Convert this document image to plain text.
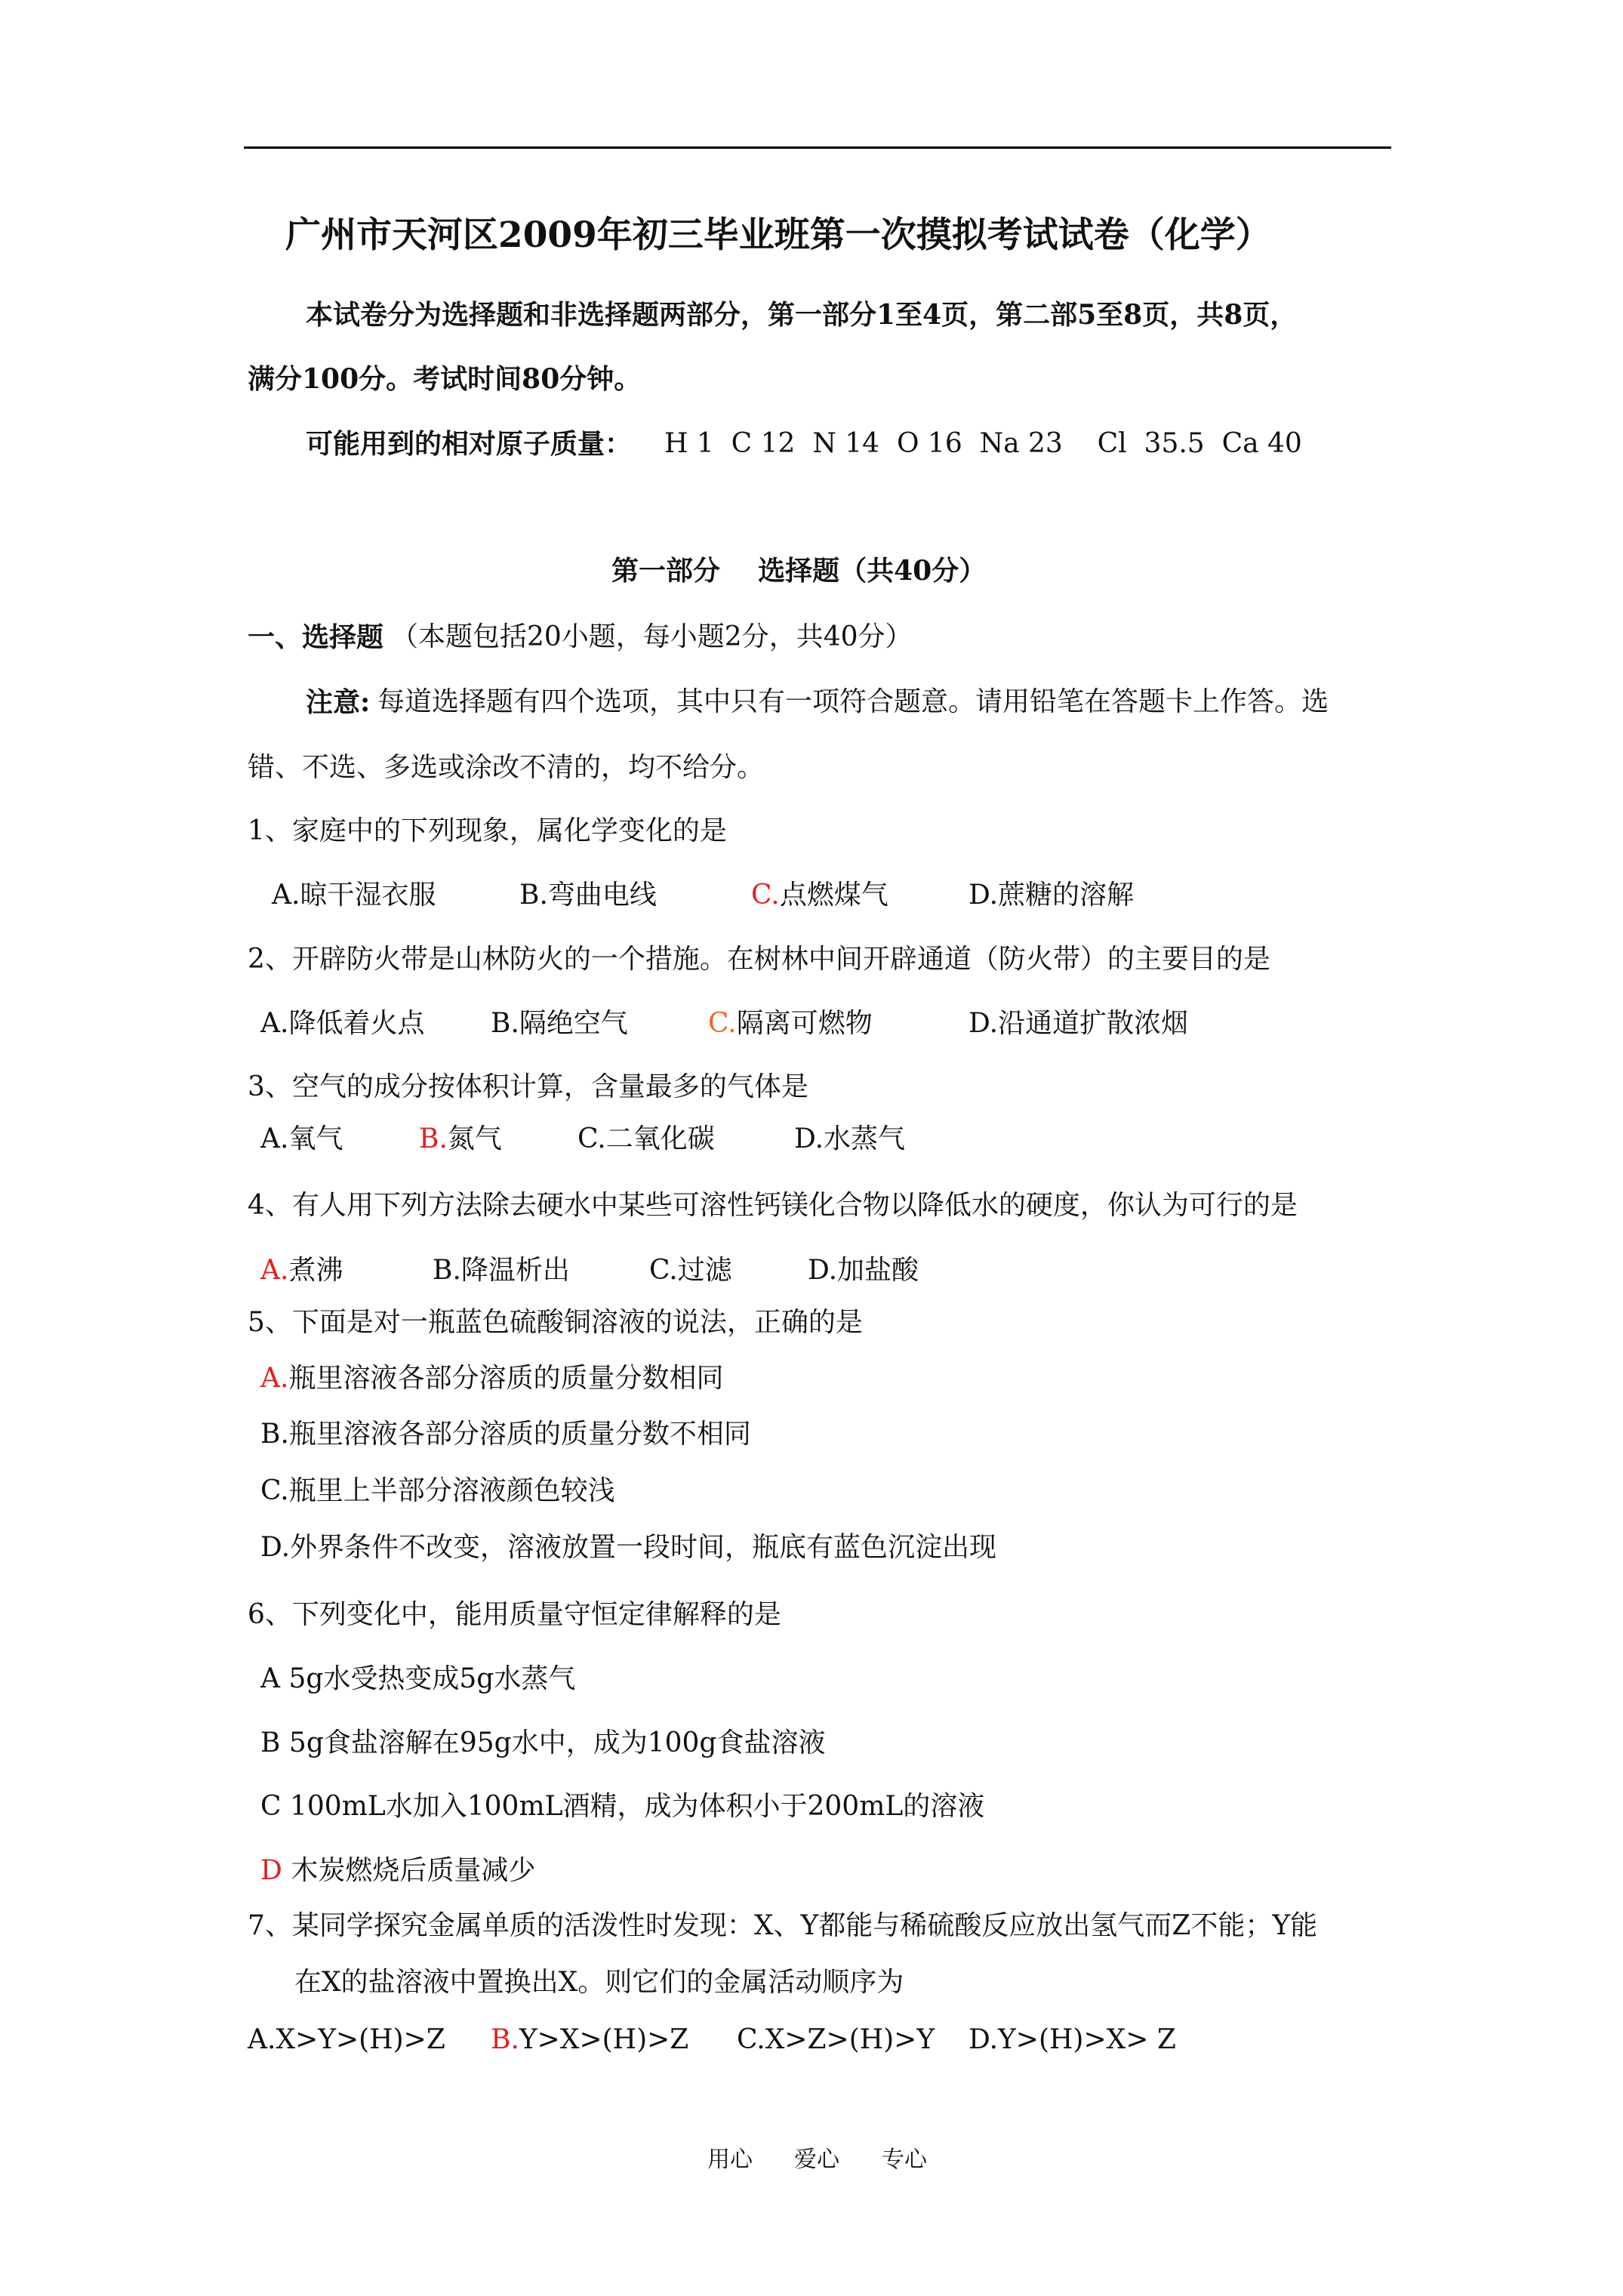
广州市天河区2009年初三毕业班第一次摸拟考试试卷（化学）
本试卷分为选择题和非选择题两部分，第一部分1至4页，第二部5至8页，共8页，
满分100分。考试时间80分钟。
可能用到的相对原子质量： H 1  C 12  N 14  O 16  Na 23    Cl  35.5  Ca 40
第一部分    选择题（共40分）
一、选择题 （本题包括20小题，每小题2分，共40分）
注意: 每道选择题有四个选项，其中只有一项符合题意。请用铅笔在答题卡上作答。选
错、不选、多选或涂改不清的，均不给分。
1、家庭中的下列现象，属化学变化的是
A.晾干湿衣服	B.弯曲电线	C.点燃煤气	D.蔗糖的溶解
2、开辟防火带是山林防火的一个措施。在树林中间开辟通道（防火带）的主要目的是
A.降低着火点 B.隔绝空气	C.隔离可燃物	D.沿通道扩散浓烟
3、空气的成分按体积计算，含量最多的气体是
A.氧气	B.氮气	C.二氧化碳	D.水蒸气
4、有人用下列方法除去硬水中某些可溶性钙镁化合物以降低水的硬度，你认为可行的是
A.煮沸	B.降温析出	C.过滤	D.加盐酸
5、下面是对一瓶蓝色硫酸铜溶液的说法，正确的是
A.瓶里溶液各部分溶质的质量分数相同
B.瓶里溶液各部分溶质的质量分数不相同
C.瓶里上半部分溶液颜色较浅
D.外界条件不改变，溶液放置一段时间，瓶底有蓝色沉淀出现
6、下列变化中，能用质量守恒定律解释的是
A 5g水受热变成5g水蒸气
B 5g食盐溶解在95g水中，成为100g食盐溶液
C 100mL水加入100mL酒精，成为体积小于200mL的溶液
D 木炭燃烧后质量减少
7、某同学探究金属单质的活泼性时发现：X、Y都能与稀硫酸反应放出氢气而Z不能；Y能
在X的盐溶液中置换出X。则它们的金属活动顺序为
A.X>Y>(H)>Z B.Y>X>(H)>Z C.X>Z>(H)>Y D.Y>(H)>X> Z
用心 爱心 专心
